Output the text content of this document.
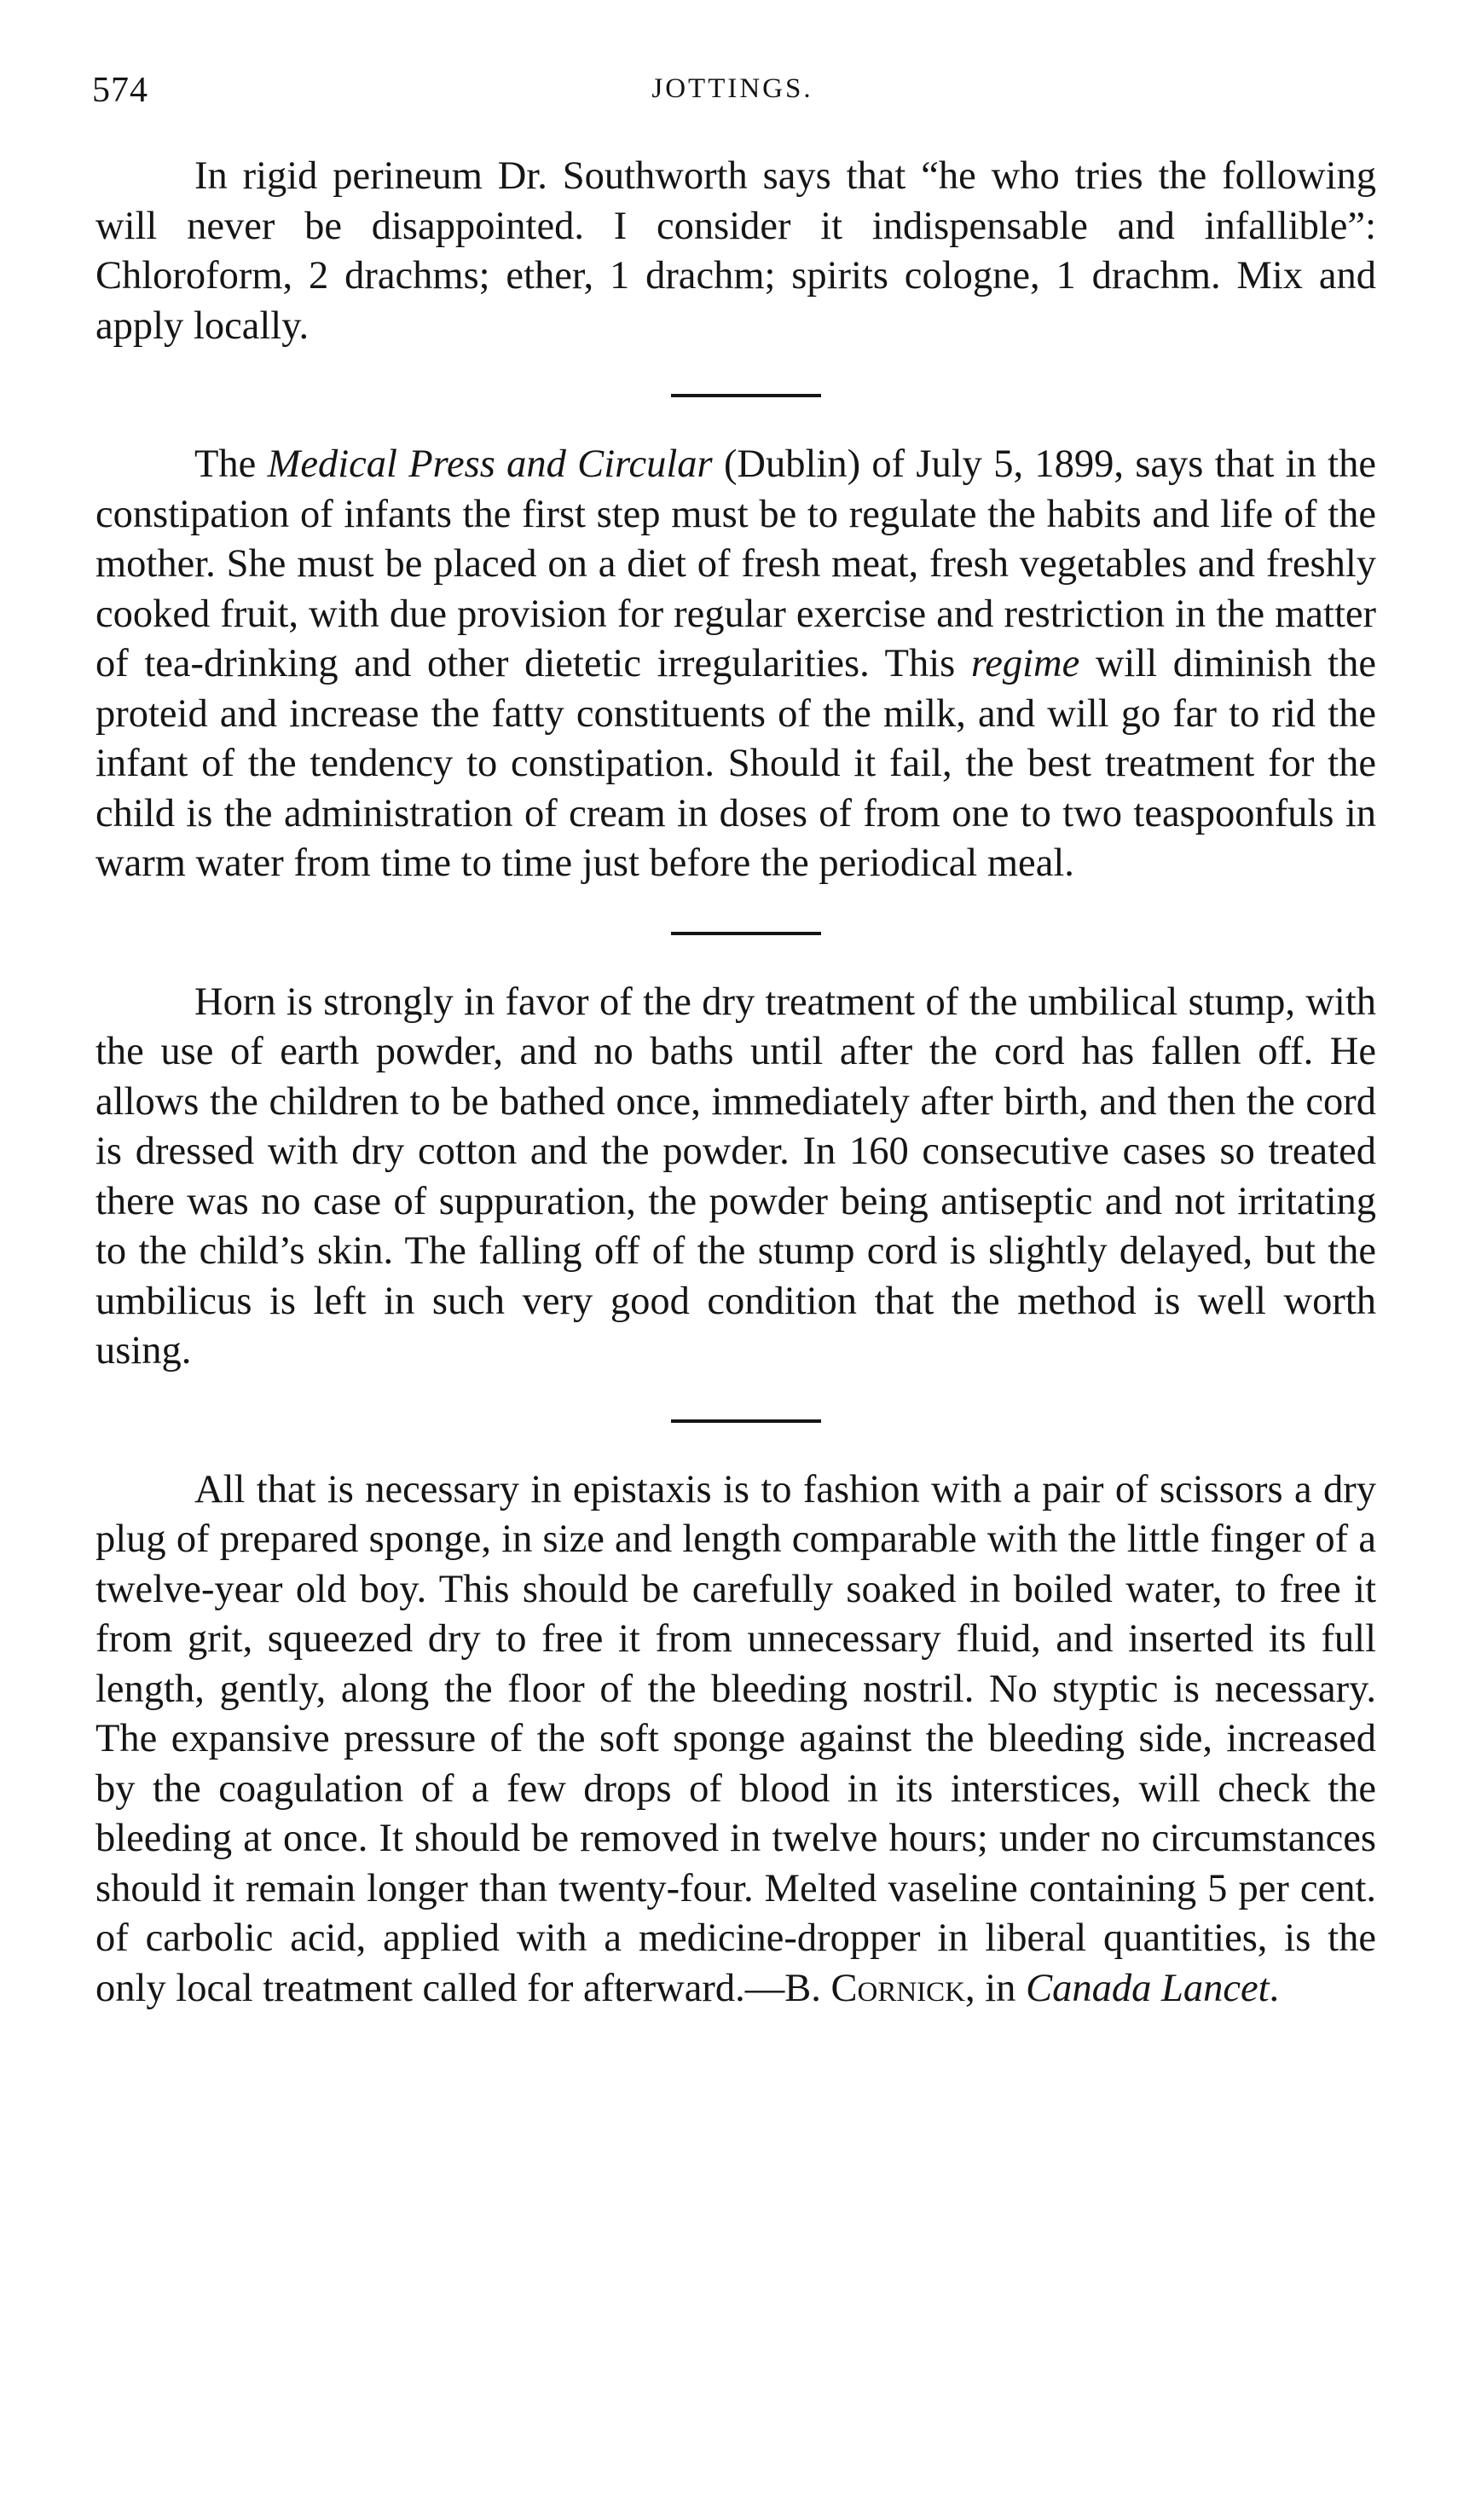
574	JOTTINGS.

In rigid perineum Dr. Southworth says that “he who tries the following will never be disappointed. I consider it indispensable and infallible”: Chloroform, 2 drachms; ether, 1 drachm; spirits cologne, 1 drachm. Mix and apply locally.

The Medical Press and Circular (Dublin) of July 5, 1899, says that in the constipation of infants the first step must be to regulate the habits and life of the mother. She must be placed on a diet of fresh meat, fresh vegetables and freshly cooked fruit, with due provision for regular exercise and restriction in the matter of tea-drinking and other dietetic irregularities. This regime will diminish the proteid and increase the fatty constituents of the milk, and will go far to rid the infant of the tendency to constipation. Should it fail, the best treatment for the child is the administration of cream in doses of from one to two teaspoonfuls in warm water from time to time just before the periodical meal.

Horn is strongly in favor of the dry treatment of the umbilical stump, with the use of earth powder, and no baths until after the cord has fallen off. He allows the children to be bathed once, immediately after birth, and then the cord is dressed with dry cotton and the powder. In 160 consecutive cases so treated there was no case of suppuration, the powder being antiseptic and not irritating to the child’s skin. The falling off of the stump cord is slightly delayed, but the umbilicus is left in such very good condition that the method is well worth using.

All that is necessary in epistaxis is to fashion with a pair of scissors a dry plug of prepared sponge, in size and length comparable with the little finger of a twelve-year old boy. This should be carefully soaked in boiled water, to free it from grit, squeezed dry to free it from unnecessary fluid, and inserted its full length, gently, along the floor of the bleeding nostril. No styptic is necessary. The expansive pressure of the soft sponge against the bleeding side, increased by the coagulation of a few drops of blood in its interstices, will check the bleeding at once. It should be removed in twelve hours; under no circumstances should it remain longer than twenty-four. Melted vaseline containing 5 per cent. of carbolic acid, applied with a medicine-dropper in liberal quantities, is the only local treatment called for afterward.—B. Cornick, in Canada Lancet.
